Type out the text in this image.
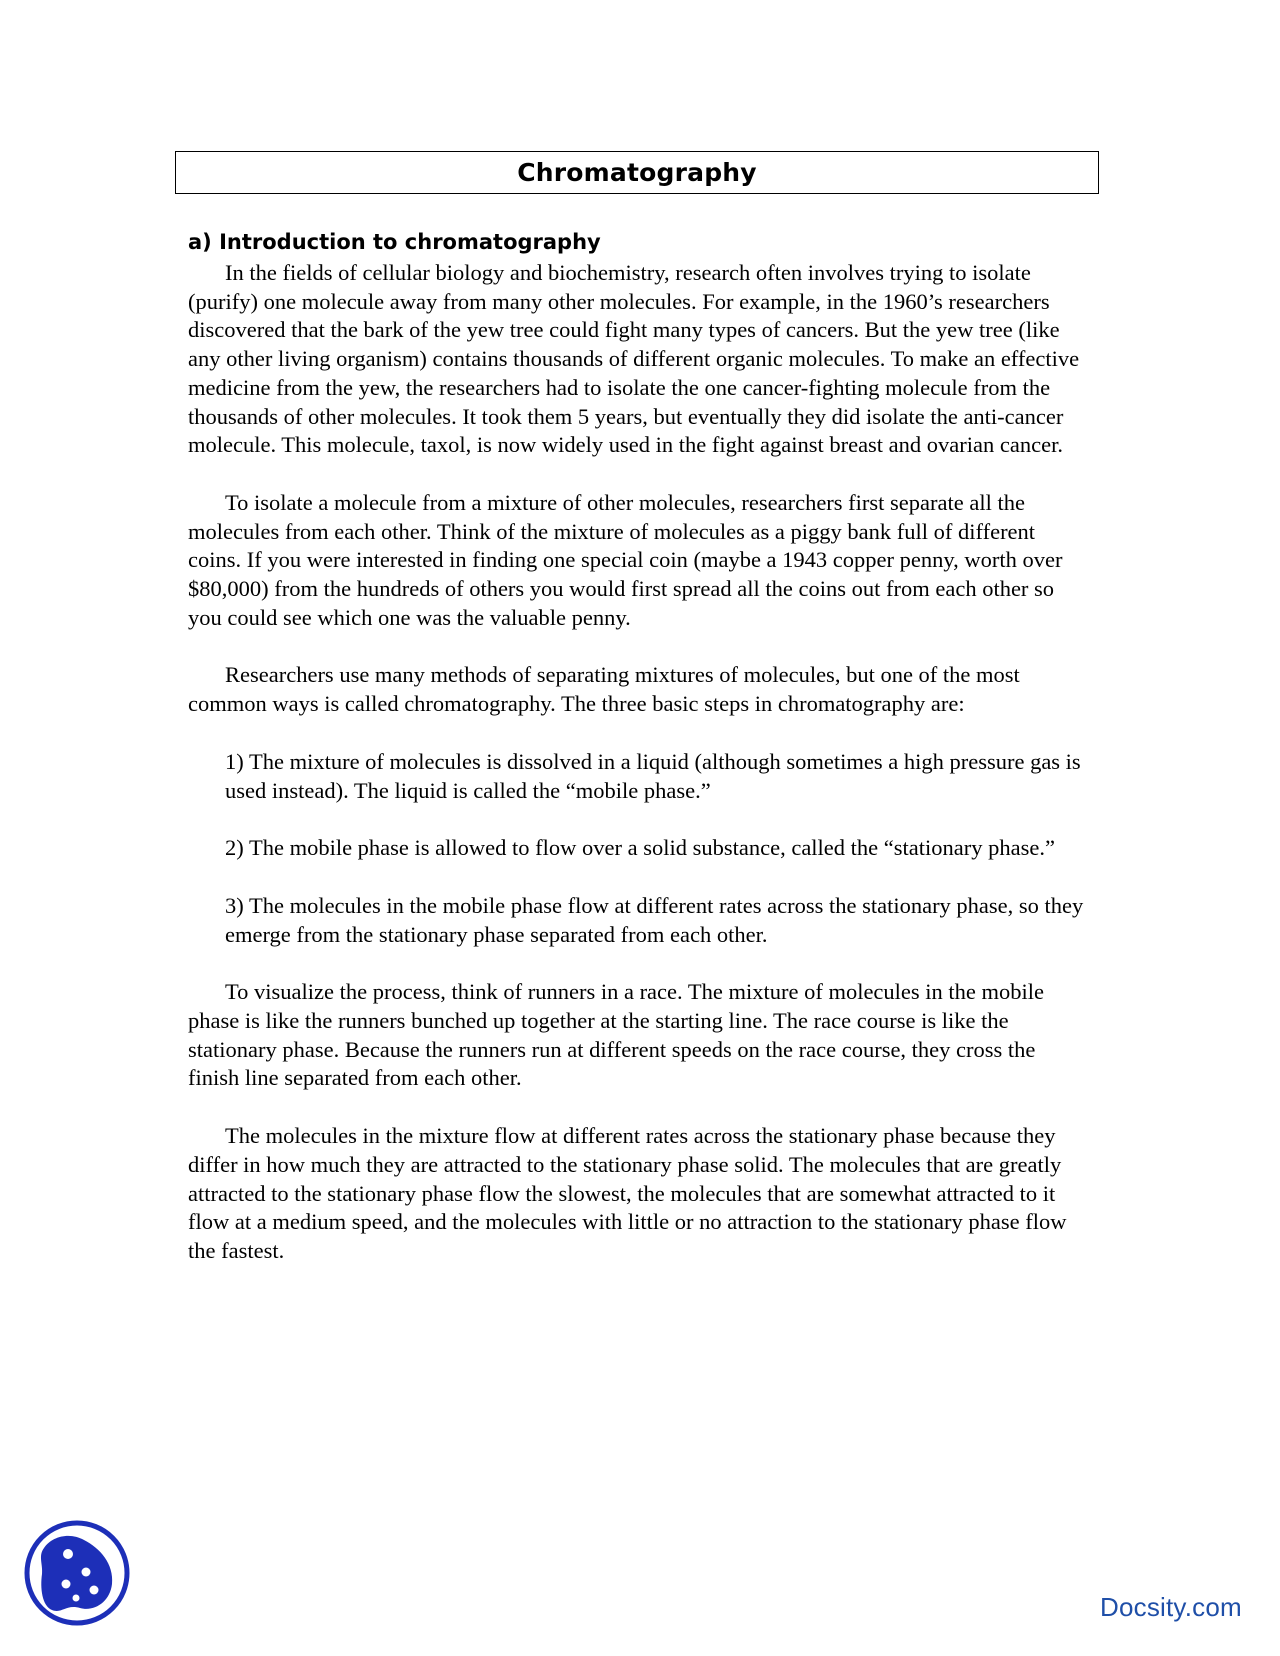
Chromatography
a) Introduction to chromatography

In the fields of cellular biology and biochemistry, research often involves trying to isolate (purify) one molecule away from many other molecules. For example, in the 1960’s researchers discovered that the bark of the yew tree could fight many types of cancers. But the yew tree (like any other living organism) contains thousands of different organic molecules. To make an effective medicine from the yew, the researchers had to isolate the one cancer-fighting molecule from the thousands of other molecules. It took them 5 years, but eventually they did isolate the anti-cancer molecule. This molecule, taxol, is now widely used in the fight against breast and ovarian cancer.

To isolate a molecule from a mixture of other molecules, researchers first separate all the molecules from each other. Think of the mixture of molecules as a piggy bank full of different coins. If you were interested in finding one special coin (maybe a 1943 copper penny, worth over $80,000) from the hundreds of others you would first spread all the coins out from each other so you could see which one was the valuable penny.

Researchers use many methods of separating mixtures of molecules, but one of the most common ways is called chromatography. The three basic steps in chromatography are:

1) The mixture of molecules is dissolved in a liquid (although sometimes a high pressure gas is used instead). The liquid is called the “mobile phase.”

2) The mobile phase is allowed to flow over a solid substance, called the “stationary phase.”

3) The molecules in the mobile phase flow at different rates across the stationary phase, so they emerge from the stationary phase separated from each other.

To visualize the process, think of runners in a race. The mixture of molecules in the mobile phase is like the runners bunched up together at the starting line. The race course is like the stationary phase. Because the runners run at different speeds on the race course, they cross the finish line separated from each other.

The molecules in the mixture flow at different rates across the stationary phase because they differ in how much they are attracted to the stationary phase solid. The molecules that are greatly attracted to the stationary phase flow the slowest, the molecules that are somewhat attracted to it flow at a medium speed, and the molecules with little or no attraction to the stationary phase flow the fastest.

Docsity.com
